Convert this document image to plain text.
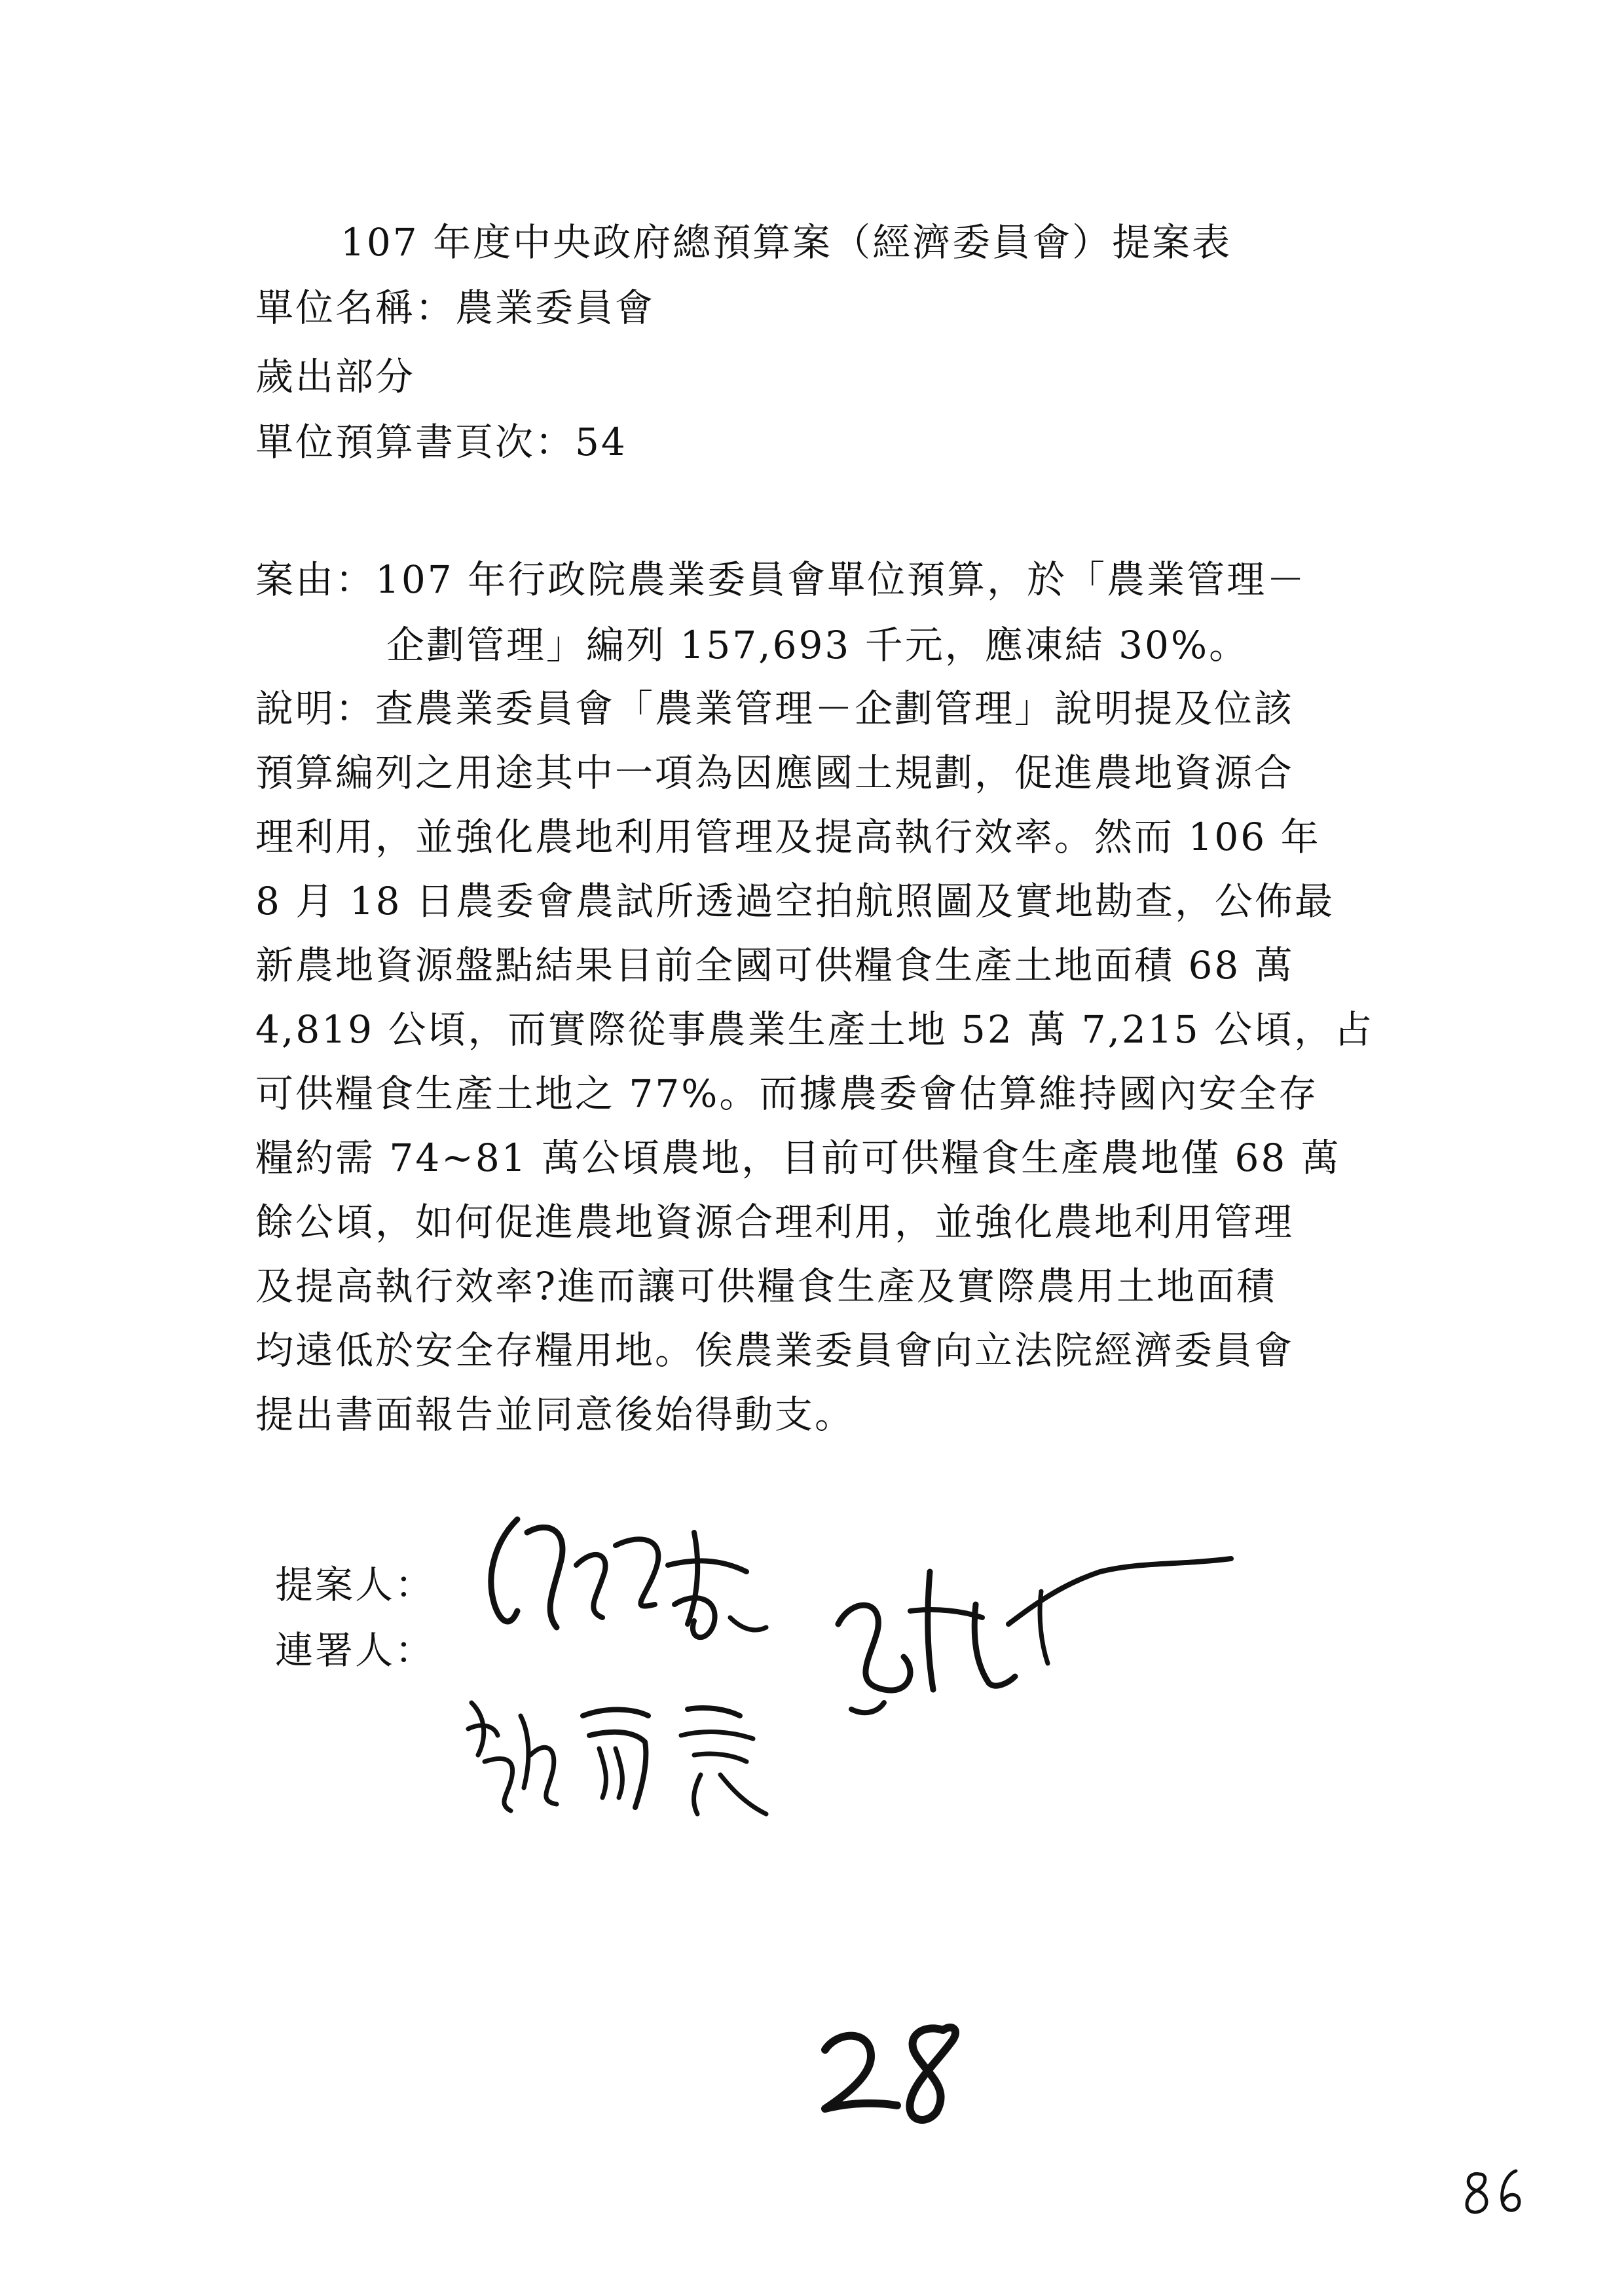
107 年度中央政府總預算案（經濟委員會）提案表
單位名稱：農業委員會
歲出部分
單位預算書頁次：54
案由：107 年行政院農業委員會單位預算，於「農業管理－
企劃管理」編列 157,693 千元，應凍結 30%。
說明：查農業委員會「農業管理－企劃管理」說明提及位該
預算編列之用途其中一項為因應國土規劃，促進農地資源合
理利用，並強化農地利用管理及提高執行效率。然而 106 年
8 月 18 日農委會農試所透過空拍航照圖及實地勘查，公佈最
新農地資源盤點結果目前全國可供糧食生產土地面積 68 萬
4,819 公頃，而實際從事農業生產土地 52 萬 7,215 公頃，占
可供糧食生產土地之 77%。而據農委會估算維持國內安全存
糧約需 74~81 萬公頃農地，目前可供糧食生產農地僅 68 萬
餘公頃，如何促進農地資源合理利用，並強化農地利用管理
及提高執行效率?進而讓可供糧食生產及實際農用土地面積
均遠低於安全存糧用地。俟農業委員會向立法院經濟委員會
提出書面報告並同意後始得動支。
提案人：
連署人：
